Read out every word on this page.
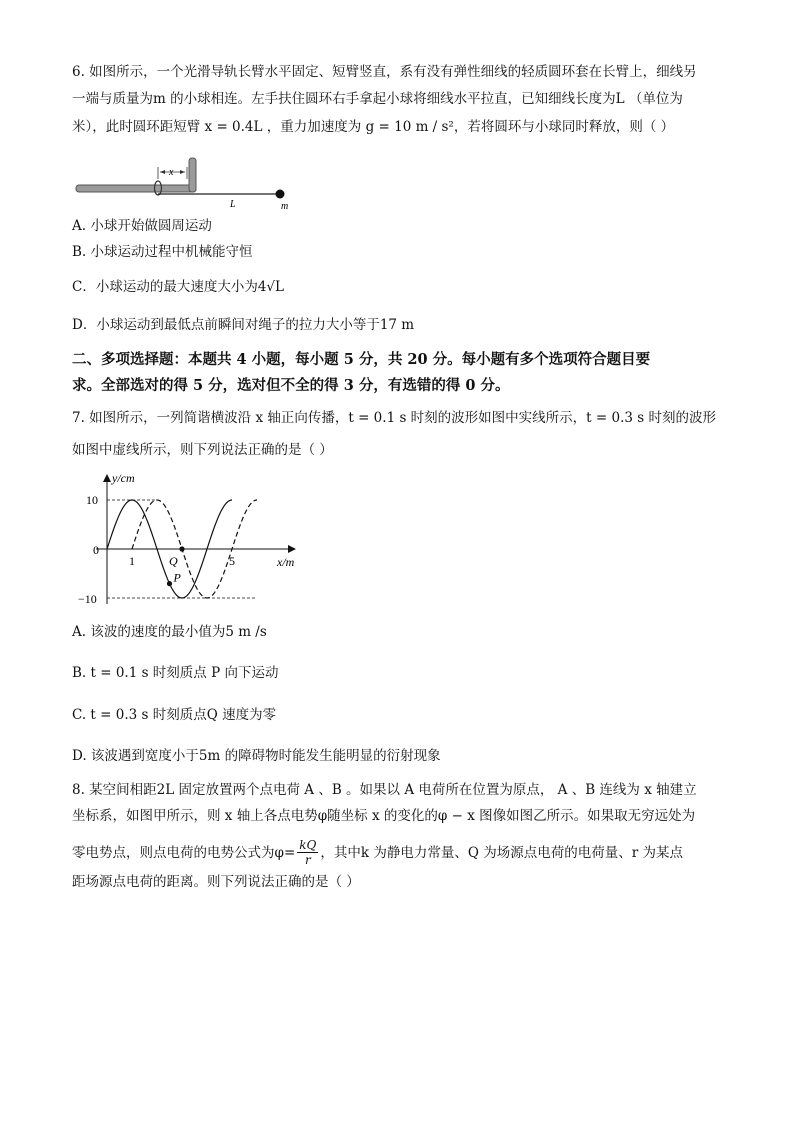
6. 如图所示，一个光滑导轨长臂水平固定、短臂竖直，系有没有弹性细线的轻质圆环套在长臂上，细线另
一端与质量为m 的小球相连。左手扶住圆环右手拿起小球将细线水平拉直，已知细线长度为L （单位为
米），此时圆环距短臂 x = 0.4L ，重力加速度为 g = 10 m / s²，若将圆环与小球同时释放，则（ ）
x
L	m
A. 小球开始做圆周运动
B. 小球运动过程中机械能守恒
C．小球运动的最大速度大小为4√L
D．小球运动到最低点前瞬间对绳子的拉力大小等于17 m
二、多项选择题：本题共 4 小题，每小题 5 分，共 20 分。每小题有多个选项符合题目要
求。全部选对的得 5 分，选对但不全的得 3 分，有选错的得 0 分。
7. 如图所示，一列简谐横波沿 x 轴正向传播，t = 0.1 s 时刻的波形如图中实线所示，t = 0.3 s 时刻的波形
如图中虚线所示，则下列说法正确的是（ ）
y/cm
x/m
10
0
−10
1	5
P
Q
A. 该波的速度的最小值为5 m /s
B. t = 0.1 s 时刻质点 P 向下运动
C. t = 0.3 s 时刻质点Q 速度为零
D. 该波遇到宽度小于5m 的障碍物时能发生能明显的衍射现象
8. 某空间相距2L 固定放置两个点电荷 A 、B 。如果以 A 电荷所在位置为原点， A 、B 连线为 x 轴建立
坐标系，如图甲所示，则 x 轴上各点电势φ随坐标 x 的变化的φ − x 图像如图乙所示。如果取无穷远处为
零电势点，则点电荷的电势公式为$\varphi= \frac{kQ}{r}$ ，其中k 为静电力常量、Q 为场源点电荷的电荷量、r 为某点
距场源点电荷的距离。则下列说法正确的是（ ）
